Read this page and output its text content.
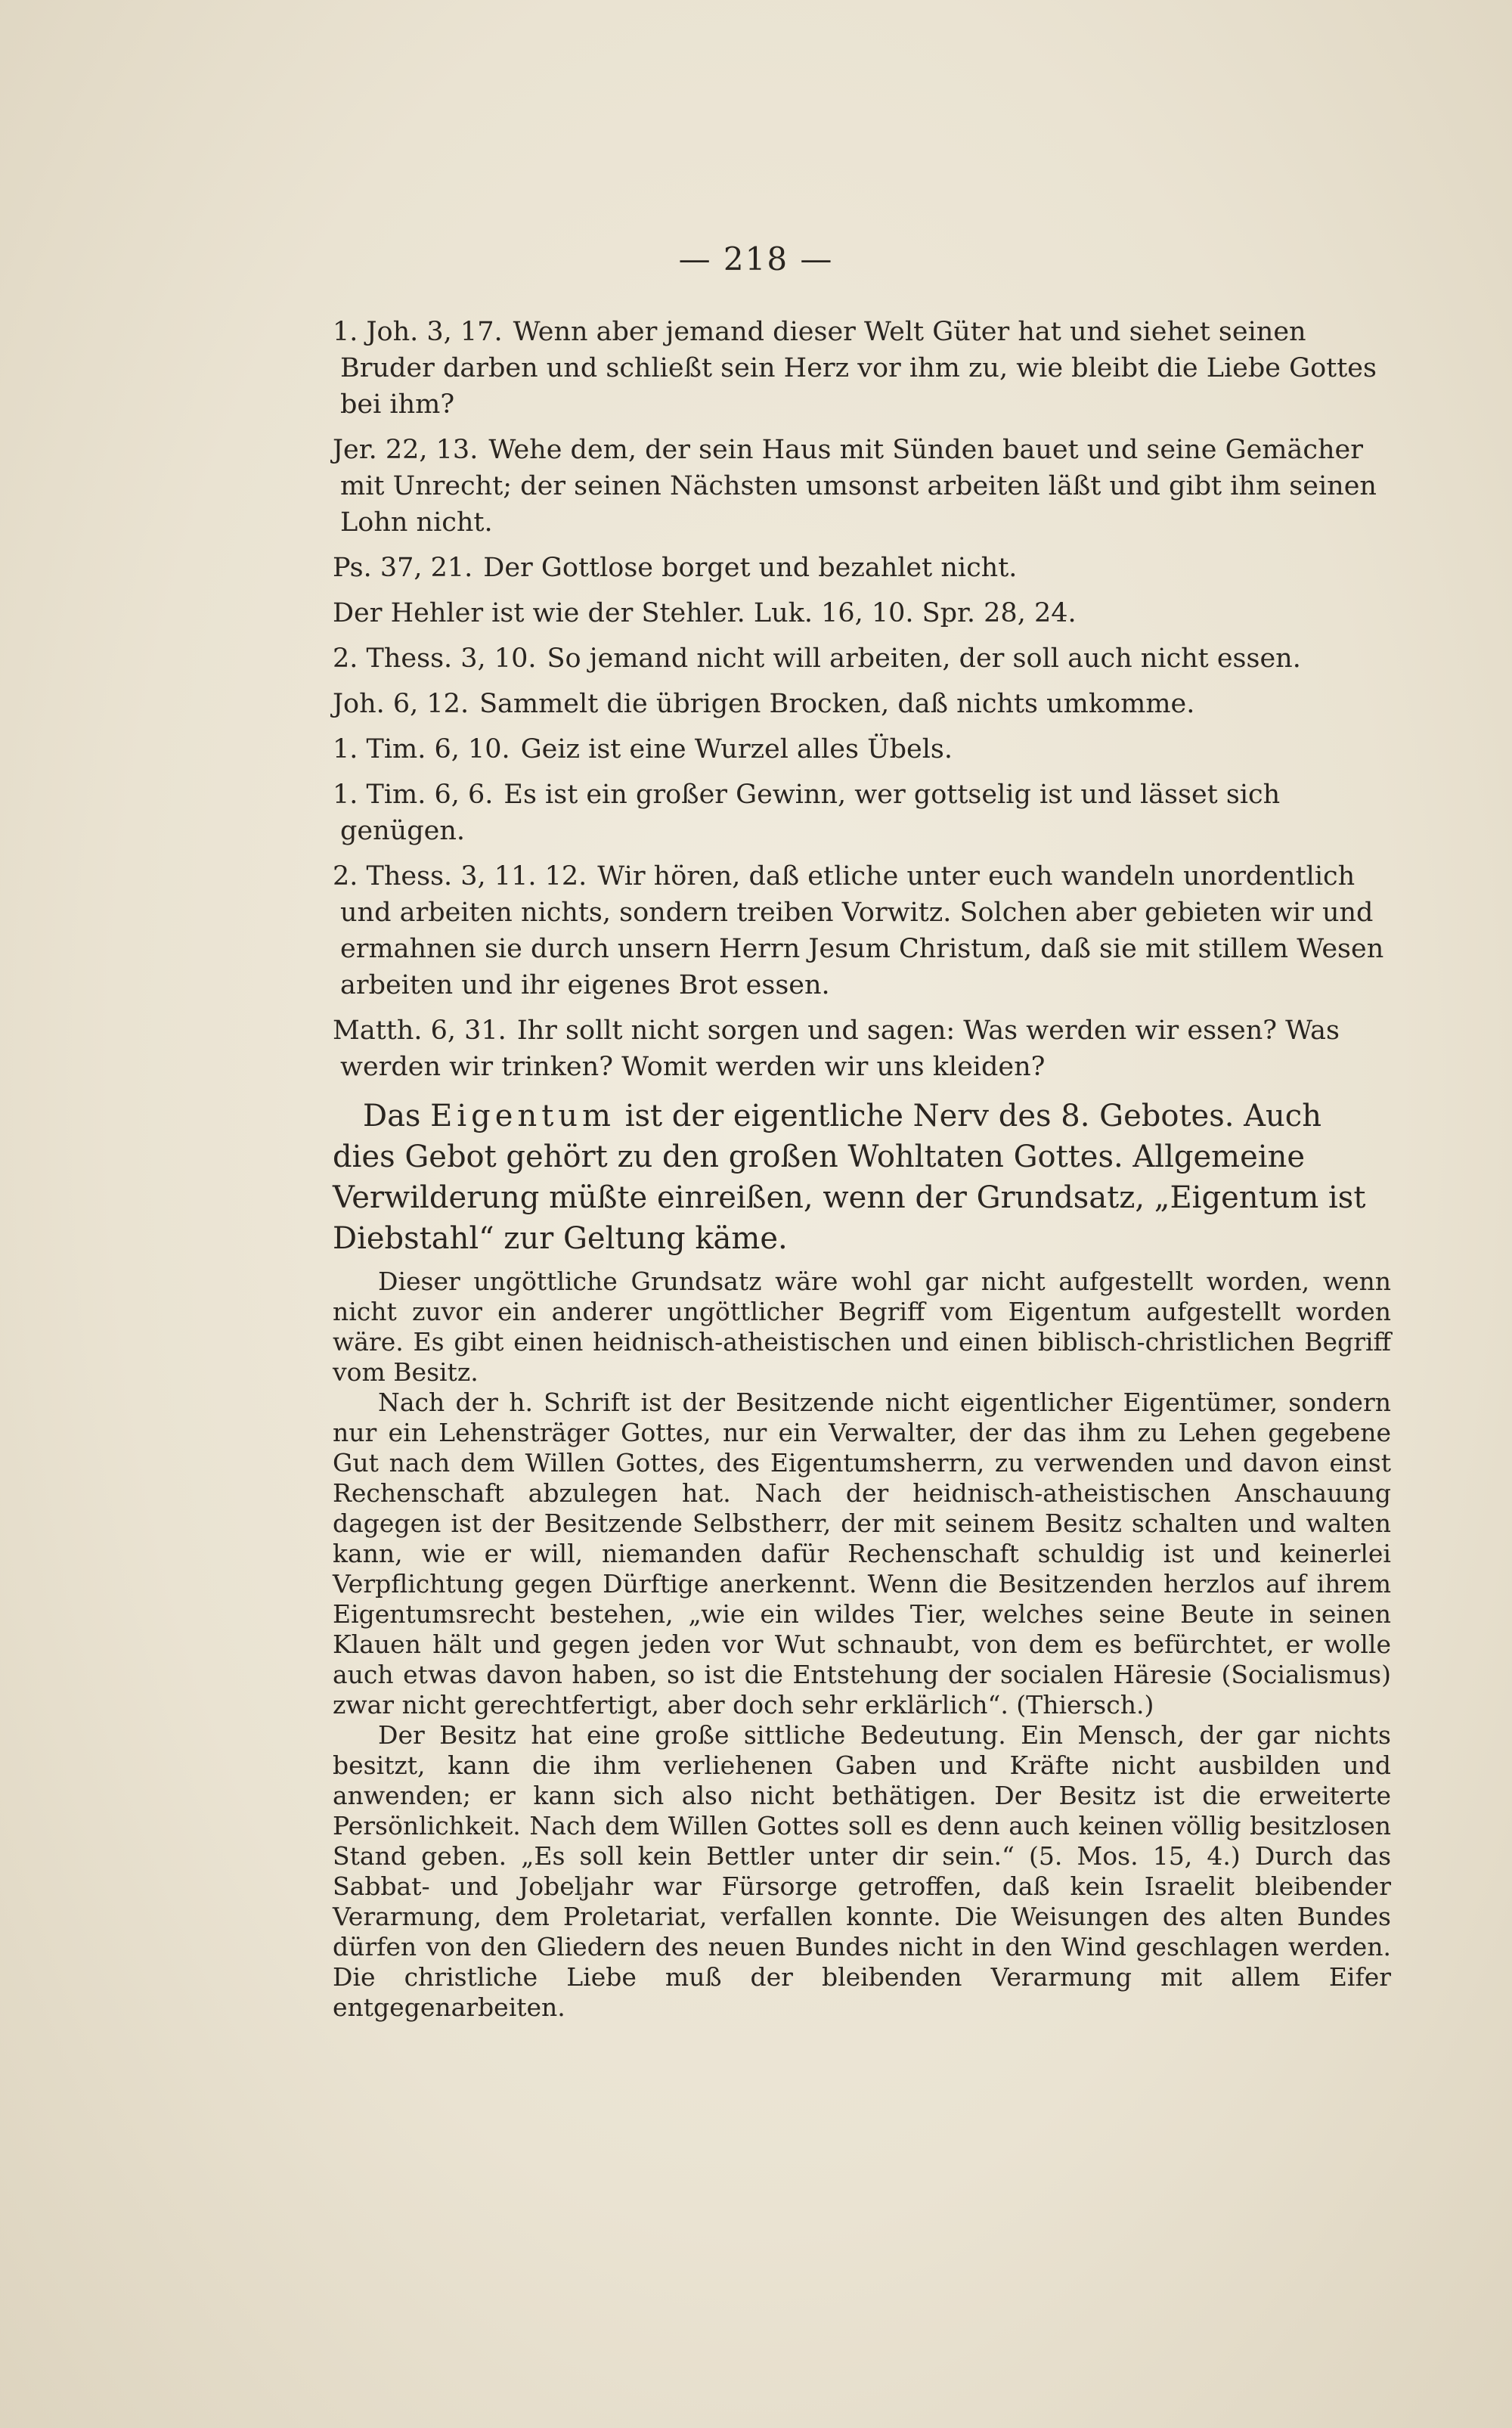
— 218 —

1. Joh. 3, 17. Wenn aber jemand dieser Welt Güter hat und siehet seinen Bruder darben und schließt sein Herz vor ihm zu, wie bleibt die Liebe Gottes bei ihm?

Jer. 22, 13. Wehe dem, der sein Haus mit Sünden bauet und seine Gemächer mit Unrecht; der seinen Nächsten umsonst arbeiten läßt und gibt ihm seinen Lohn nicht.

Ps. 37, 21. Der Gottlose borget und bezahlet nicht.

Der Hehler ist wie der Stehler. Luk. 16, 10. Spr. 28, 24.

2. Thess. 3, 10. So jemand nicht will arbeiten, der soll auch nicht essen.

Joh. 6, 12. Sammelt die übrigen Brocken, daß nichts umkomme.

1. Tim. 6, 10. Geiz ist eine Wurzel alles Übels.

1. Tim. 6, 6. Es ist ein großer Gewinn, wer gottselig ist und lässet sich genügen.

2. Thess. 3, 11. 12. Wir hören, daß etliche unter euch wandeln unordentlich und arbeiten nichts, sondern treiben Vorwitz. Solchen aber gebieten wir und ermahnen sie durch unsern Herrn Jesum Christum, daß sie mit stillem Wesen arbeiten und ihr eigenes Brot essen.

Matth. 6, 31. Ihr sollt nicht sorgen und sagen: Was werden wir essen? Was werden wir trinken? Womit werden wir uns kleiden?

Das Eigentum ist der eigentliche Nerv des 8. Gebotes. Auch dies Gebot gehört zu den großen Wohltaten Gottes. Allgemeine Verwilderung müßte einreißen, wenn der Grundsatz, „Eigentum ist Diebstahl“ zur Geltung käme.

Dieser ungöttliche Grundsatz wäre wohl gar nicht aufgestellt worden, wenn nicht zuvor ein anderer ungöttlicher Begriff vom Eigentum aufgestellt worden wäre. Es gibt einen heidnisch-atheistischen und einen biblisch-christlichen Begriff vom Besitz.

Nach der h. Schrift ist der Besitzende nicht eigentlicher Eigentümer, sondern nur ein Lehensträger Gottes, nur ein Verwalter, der das ihm zu Lehen gegebene Gut nach dem Willen Gottes, des Eigentumsherrn, zu verwenden und davon einst Rechenschaft abzulegen hat. Nach der heidnisch-atheistischen Anschauung dagegen ist der Besitzende Selbstherr, der mit seinem Besitz schalten und walten kann, wie er will, niemanden dafür Rechenschaft schuldig ist und keinerlei Verpflichtung gegen Dürftige anerkennt. Wenn die Besitzenden herzlos auf ihrem Eigentumsrecht bestehen, „wie ein wildes Tier, welches seine Beute in seinen Klauen hält und gegen jeden vor Wut schnaubt, von dem es befürchtet, er wolle auch etwas davon haben, so ist die Entstehung der socialen Häresie (Socialismus) zwar nicht gerechtfertigt, aber doch sehr erklärlich“. (Thiersch.)

Der Besitz hat eine große sittliche Bedeutung. Ein Mensch, der gar nichts besitzt, kann die ihm verliehenen Gaben und Kräfte nicht ausbilden und anwenden; er kann sich also nicht bethätigen. Der Besitz ist die erweiterte Persönlichkeit. Nach dem Willen Gottes soll es denn auch keinen völlig besitzlosen Stand geben. „Es soll kein Bettler unter dir sein.“ (5. Mos. 15, 4.) Durch das Sabbat- und Jobeljahr war Fürsorge getroffen, daß kein Israelit bleibender Verarmung, dem Proletariat, verfallen konnte. Die Weisungen des alten Bundes dürfen von den Gliedern des neuen Bundes nicht in den Wind geschlagen werden. Die christliche Liebe muß der bleibenden Verarmung mit allem Eifer entgegenarbeiten.
